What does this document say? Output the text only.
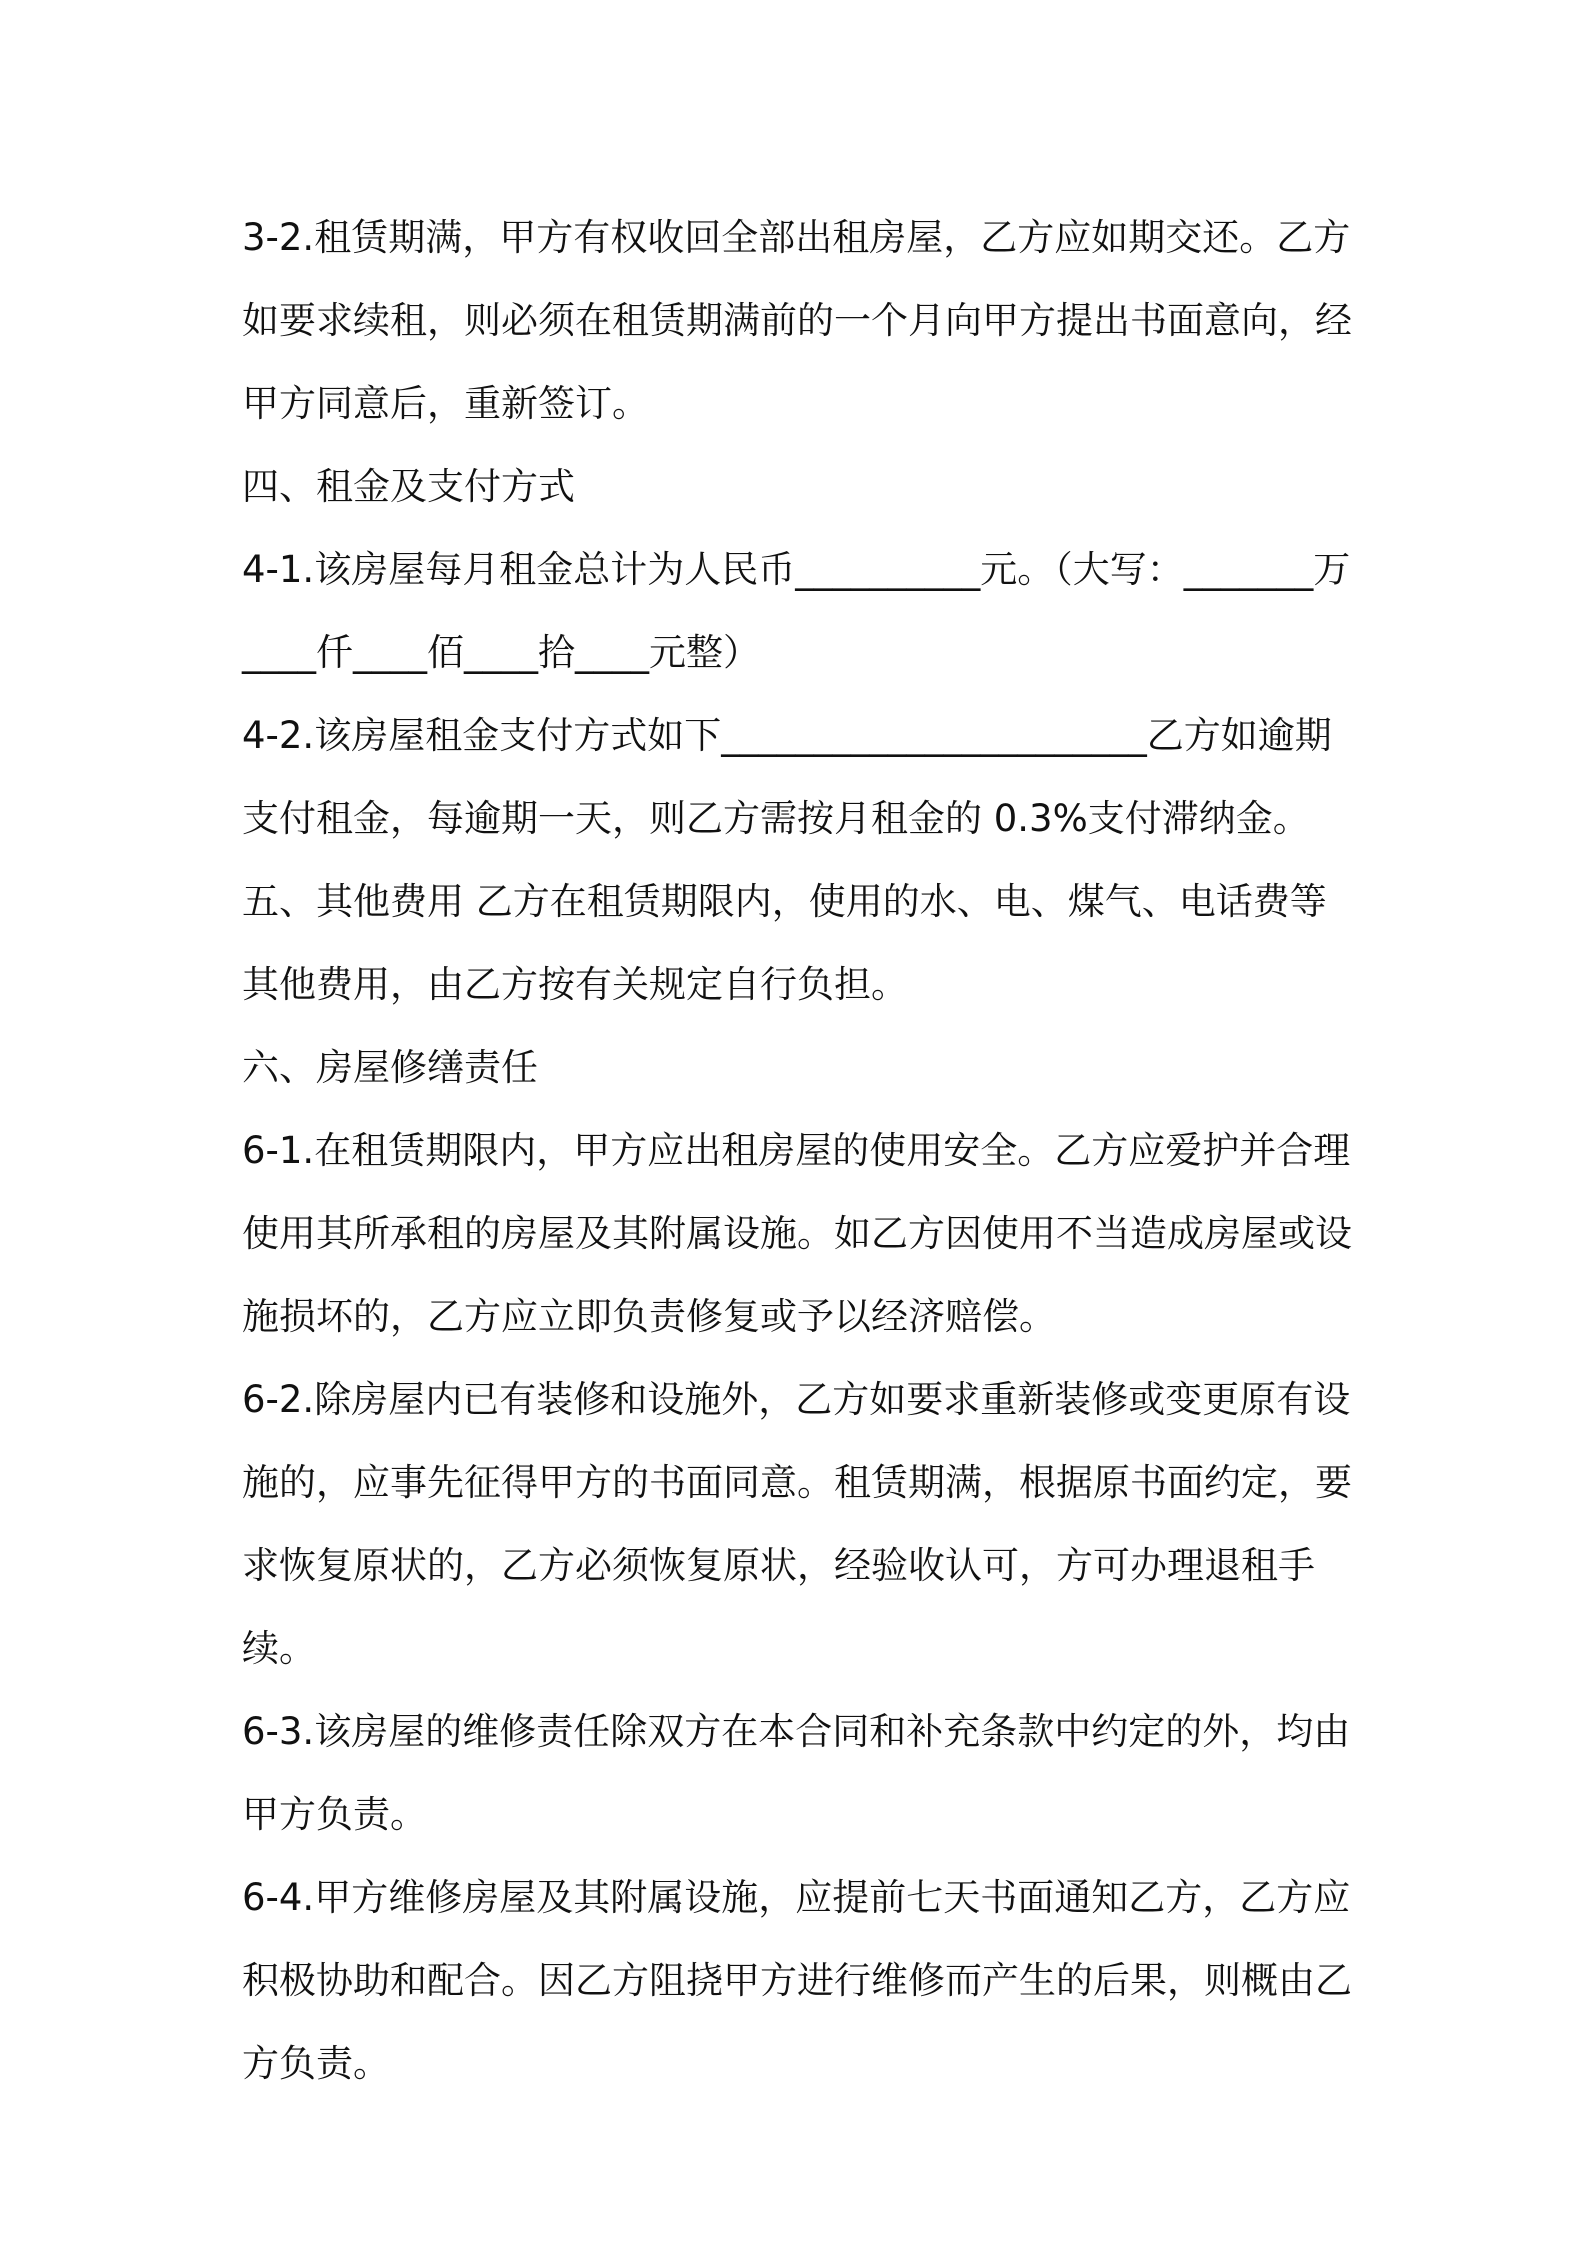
3-2.租赁期满，甲方有权收回全部出租房屋，乙方应如期交还。乙方如要求续租，则必须在租赁期满前的一个月向甲方提出书面意向，经甲方同意后，重新签订。

四、租金及支付方式

4-1.该房屋每月租金总计为人民币__________元。（大写：_______万____仟____佰____拾____元整）

4-2.该房屋租金支付方式如下_______________________乙方如逾期支付租金，每逾期一天，则乙方需按月租金的 0.3%支付滞纳金。

五、其他费用 乙方在租赁期限内，使用的水、电、煤气、电话费等其他费用，由乙方按有关规定自行负担。

六、房屋修缮责任

6-1.在租赁期限内，甲方应出租房屋的使用安全。乙方应爱护并合理使用其所承租的房屋及其附属设施。如乙方因使用不当造成房屋或设施损坏的，乙方应立即负责修复或予以经济赔偿。

6-2.除房屋内已有装修和设施外，乙方如要求重新装修或变更原有设施的，应事先征得甲方的书面同意。租赁期满，根据原书面约定，要求恢复原状的，乙方必须恢复原状，经验收认可，方可办理退租手续。

6-3.该房屋的维修责任除双方在本合同和补充条款中约定的外，均由甲方负责。

6-4.甲方维修房屋及其附属设施，应提前七天书面通知乙方，乙方应积极协助和配合。因乙方阻挠甲方进行维修而产生的后果，则概由乙方负责。
